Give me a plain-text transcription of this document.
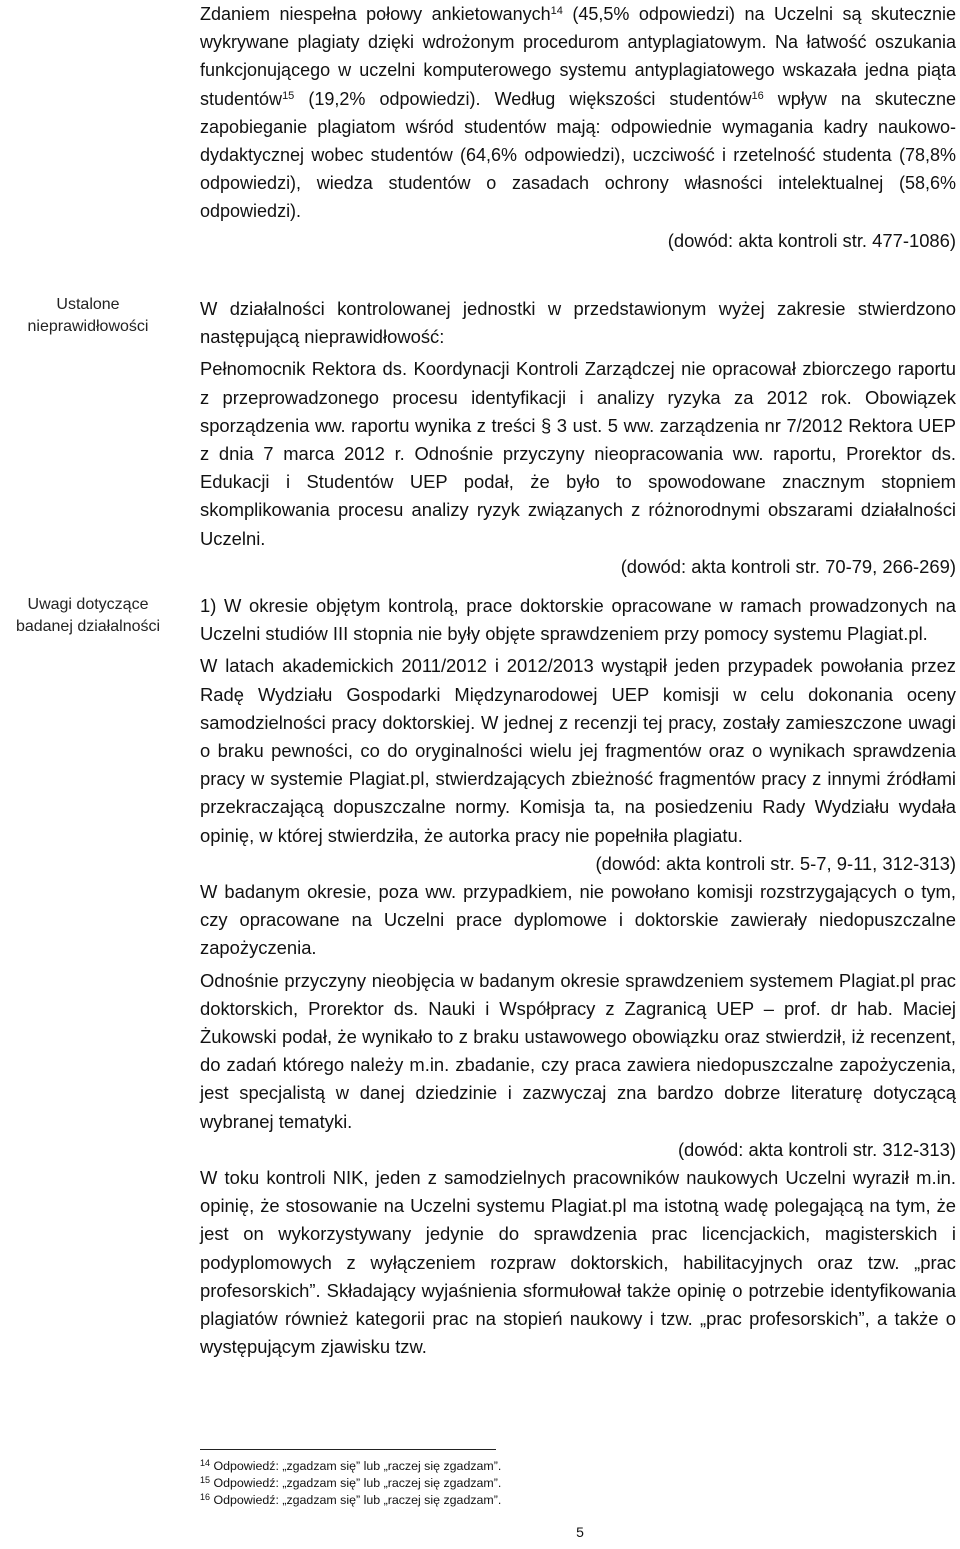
Ustalone nieprawidłowości
Uwagi dotyczące badanej działalności

Zdaniem niespełna połowy ankietowanych$^{14}$ (45,5% odpowiedzi) na Uczelni są skutecznie wykrywane plagiaty dzięki wdrożonym procedurom antyplagiatowym. Na łatwość oszukania funkcjonującego w uczelni komputerowego systemu antyplagiatowego wskazała jedna piąta studentów$^{15}$ (19,2% odpowiedzi). Według większości studentów$^{16}$ wpływ na skuteczne zapobieganie plagiatom wśród studentów mają: odpowiednie wymagania kadry naukowo-dydaktycznej wobec studentów (64,6% odpowiedzi), uczciwość i rzetelność studenta (78,8% odpowiedzi), wiedza studentów o zasadach ochrony własności intelektualnej (58,6% odpowiedzi).

(dowód: akta kontroli str. 477-1086)

W działalności kontrolowanej jednostki w przedstawionym wyżej zakresie stwierdzono następującą nieprawidłowość:

Pełnomocnik Rektora ds. Koordynacji Kontroli Zarządczej nie opracował zbiorczego raportu z przeprowadzonego procesu identyfikacji i analizy ryzyka za 2012 rok. Obowiązek sporządzenia ww. raportu wynika z treści § 3 ust. 5 ww. zarządzenia nr 7/2012 Rektora UEP z dnia 7 marca 2012 r. Odnośnie przyczyny nieopracowania ww. raportu, Prorektor ds. Edukacji i Studentów UEP podał, że było to spowodowane znacznym stopniem skomplikowania procesu analizy ryzyk związanych z różnorodnymi obszarami działalności Uczelni.

(dowód: akta kontroli str. 70-79, 266-269)

1) W okresie objętym kontrolą, prace doktorskie opracowane w ramach prowadzonych na Uczelni studiów III stopnia nie były objęte sprawdzeniem przy pomocy systemu Plagiat.pl.

W latach akademickich 2011/2012 i 2012/2013 wystąpił jeden przypadek powołania przez Radę Wydziału Gospodarki Międzynarodowej UEP komisji w celu dokonania oceny samodzielności pracy doktorskiej. W jednej z recenzji tej pracy, zostały zamieszczone uwagi o braku pewności, co do oryginalności wielu jej fragmentów oraz o wynikach sprawdzenia pracy w systemie Plagiat.pl, stwierdzających zbieżność fragmentów pracy z innymi źródłami przekraczającą dopuszczalne normy. Komisja ta, na posiedzeniu Rady Wydziału wydała opinię, w której stwierdziła, że autorka pracy nie popełniła plagiatu.

(dowód: akta kontroli str. 5-7, 9-11, 312-313)

W badanym okresie, poza ww. przypadkiem, nie powołano komisji rozstrzygających o tym, czy opracowane na Uczelni prace dyplomowe i doktorskie zawierały niedopuszczalne zapożyczenia.

Odnośnie przyczyny nieobjęcia w badanym okresie sprawdzeniem systemem Plagiat.pl prac doktorskich, Prorektor ds. Nauki i Współpracy z Zagranicą UEP – prof. dr hab. Maciej Żukowski podał, że wynikało to z braku ustawowego obowiązku oraz stwierdził, iż recenzent, do zadań którego należy m.in. zbadanie, czy praca zawiera niedopuszczalne zapożyczenia, jest specjalistą w danej dziedzinie i zazwyczaj zna bardzo dobrze literaturę dotyczącą wybranej tematyki.

(dowód: akta kontroli str. 312-313)

W toku kontroli NIK, jeden z samodzielnych pracowników naukowych Uczelni wyraził m.in. opinię, że stosowanie na Uczelni systemu Plagiat.pl ma istotną wadę polegającą na tym, że jest on wykorzystywany jedynie do sprawdzenia prac licencjackich, magisterskich i podyplomowych z wyłączeniem rozpraw doktorskich, habilitacyjnych oraz tzw. „prac profesorskich”. Składający wyjaśnienia sformułował także opinię o potrzebie identyfikowania plagiatów również kategorii prac na stopień naukowy i tzw. „prac profesorskich”, a także o występującym zjawisku tzw.

$^{14}$ Odpowiedź: „zgadzam się” lub „raczej się zgadzam”.
$^{15}$ Odpowiedź: „zgadzam się” lub „raczej się zgadzam”.
$^{16}$ Odpowiedź: „zgadzam się” lub „raczej się zgadzam”.
5
